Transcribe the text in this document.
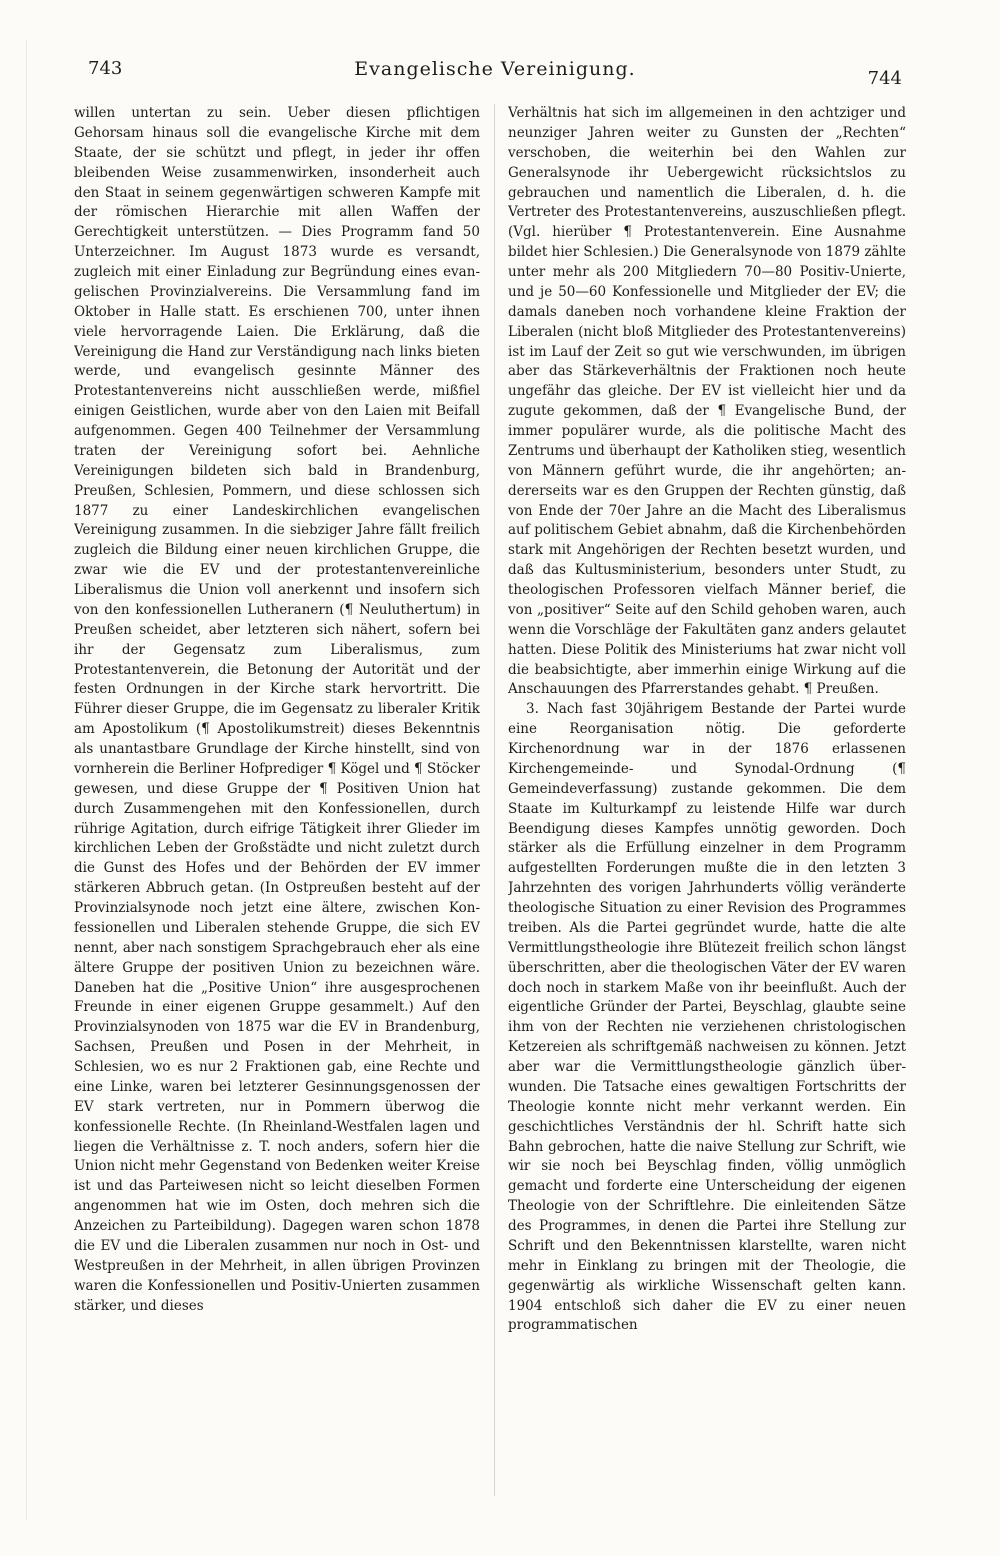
743	Evangelische Vereinigung.	744

willen untertan zu sein. Ueber diesen pflichtigen Gehorsam hinaus soll die evangelische Kirche mit dem Staate, der sie schützt und pflegt, in jeder ihr offen bleibenden Weise zusammenwirken, insonderheit auch den Staat in seinem gegenwärtigen schweren Kampfe mit der römischen Hierarchie mit allen Waffen der Gerechtigkeit unterstützen. — Dies Programm fand 50 Unterzeichner. Im August 1873 wurde es versandt, zugleich mit einer Einladung zur Begründung eines evangelischen Provinzialvereins. Die Versammlung fand im Oktober in Halle statt. Es erschienen 700, unter ihnen viele hervorragende Laien. Die Erklärung, daß die Vereinigung die Hand zur Verständigung nach links bieten werde, und evangelisch gesinnte Männer des Protestantenvereins nicht ausschließen werde, mißfiel einigen Geistlichen, wurde aber von den Laien mit Beifall aufgenommen. Gegen 400 Teilnehmer der Versammlung traten der Vereinigung sofort bei. Aehnliche Vereinigungen bildeten sich bald in Brandenburg, Preußen, Schlesien, Pommern, und diese schlossen sich 1877 zu einer Landeskirchlichen evangelischen Vereinigung zusammen. In die siebziger Jahre fällt freilich zugleich die Bildung einer neuen kirchlichen Gruppe, die zwar wie die EV und der protestantenvereinliche Liberalismus die Union voll anerkennt und insofern sich von den konfessionellen Lutheranern (¶ Neuluthertum) in Preußen scheidet, aber letzteren sich nähert, sofern bei ihr der Gegensatz zum Liberalismus, zum Protestantenverein, die Betonung der Autorität und der festen Ordnungen in der Kirche stark hervortritt. Die Führer dieser Gruppe, die im Gegensatz zu liberaler Kritik am Apostolikum (¶ Apostolikumstreit) dieses Bekenntnis als unantastbare Grundlage der Kirche hinstellt, sind von vornherein die Berliner Hofprediger ¶ Kögel und ¶ Stöcker gewesen, und diese Gruppe der ¶ Positiven Union hat durch Zusammengehen mit den Konfessionellen, durch rührige Agitation, durch eifrige Tätigkeit ihrer Glieder im kirchlichen Leben der Großstädte und nicht zuletzt durch die Gunst des Hofes und der Behörden der EV immer stärkeren Abbruch getan. (In Ostpreußen besteht auf der Provinzialsynode noch jetzt eine ältere, zwischen Konfessionellen und Liberalen stehende Gruppe, die sich EV nennt, aber nach sonstigem Sprachgebrauch eher als eine ältere Gruppe der positiven Union zu bezeichnen wäre. Daneben hat die „Positive Union“ ihre ausgesprochenen Freunde in einer eigenen Gruppe gesammelt.) Auf den Provinzialsynoden von 1875 war die EV in Brandenburg, Sachsen, Preußen und Posen in der Mehrheit, in Schlesien, wo es nur 2 Fraktionen gab, eine Rechte und eine Linke, waren bei letzterer Gesinnungsgenossen der EV stark vertreten, nur in Pommern überwog die konfessionelle Rechte. (In Rheinland-Westfalen lagen und liegen die Verhältnisse z. T. noch anders, sofern hier die Union nicht mehr Gegenstand von Bedenken weiter Kreise ist und das Parteiwesen nicht so leicht dieselben Formen angenommen hat wie im Osten, doch mehren sich die Anzeichen zu Parteibildung). Dagegen waren schon 1878 die EV und die Liberalen zusammen nur noch in Ost- und Westpreußen in der Mehrheit, in allen übrigen Provinzen waren die Konfessionellen und Positiv-Unierten zusammen stärker, und dieses

Verhältnis hat sich im allgemeinen in den achtziger und neunziger Jahren weiter zu Gunsten der „Rechten“ verschoben, die weiterhin bei den Wahlen zur Generalsynode ihr Uebergewicht rücksichtslos zu gebrauchen und namentlich die Liberalen, d. h. die Vertreter des Protestantenvereins, auszuschließen pflegt. (Vgl. hierüber ¶ Protestantenverein. Eine Ausnahme bildet hier Schlesien.) Die Generalsynode von 1879 zählte unter mehr als 200 Mitgliedern 70—80 Positiv-Unierte, und je 50—60 Konfessionelle und Mitglieder der EV; die damals daneben noch vorhandene kleine Fraktion der Liberalen (nicht bloß Mitglieder des Protestantenvereins) ist im Lauf der Zeit so gut wie verschwunden, im übrigen aber das Stärkeverhältnis der Fraktionen noch heute ungefähr das gleiche. Der EV ist vielleicht hier und da zugute gekommen, daß der ¶ Evangelische Bund, der immer populärer wurde, als die politische Macht des Zentrums und überhaupt der Katholiken stieg, wesentlich von Männern geführt wurde, die ihr angehörten; andererseits war es den Gruppen der Rechten günstig, daß von Ende der 70er Jahre an die Macht des Liberalismus auf politischem Gebiet abnahm, daß die Kirchenbehörden stark mit Angehörigen der Rechten besetzt wurden, und daß das Kultusministerium, besonders unter Studt, zu theologischen Professoren vielfach Männer berief, die von „positiver“ Seite auf den Schild gehoben waren, auch wenn die Vorschläge der Fakultäten ganz anders gelautet hatten. Diese Politik des Ministeriums hat zwar nicht voll die beabsichtigte, aber immerhin einige Wirkung auf die Anschauungen des Pfarrerstandes gehabt. ¶ Preußen.

3. Nach fast 30jährigem Bestande der Partei wurde eine Reorganisation nötig. Die geforderte Kirchenordnung war in der 1876 erlassenen Kirchengemeinde- und Synodal-Ordnung (¶ Gemeindeverfassung) zustande gekommen. Die dem Staate im Kulturkampf zu leistende Hilfe war durch Beendigung dieses Kampfes unnötig geworden. Doch stärker als die Erfüllung einzelner in dem Programm aufgestellten Forderungen mußte die in den letzten 3 Jahrzehnten des vorigen Jahrhunderts völlig veränderte theologische Situation zu einer Revision des Programmes treiben. Als die Partei gegründet wurde, hatte die alte Vermittlungstheologie ihre Blütezeit freilich schon längst überschritten, aber die theologischen Väter der EV waren doch noch in starkem Maße von ihr beeinflußt. Auch der eigentliche Gründer der Partei, Beyschlag, glaubte seine ihm von der Rechten nie verziehenen christologischen Ketzereien als schriftgemäß nachweisen zu können. Jetzt aber war die Vermittlungstheologie gänzlich überwunden. Die Tatsache eines gewaltigen Fortschritts der Theologie konnte nicht mehr verkannt werden. Ein geschichtliches Verständnis der hl. Schrift hatte sich Bahn gebrochen, hatte die naive Stellung zur Schrift, wie wir sie noch bei Beyschlag finden, völlig unmöglich gemacht und forderte eine Unterscheidung der eigenen Theologie von der Schriftlehre. Die einleitenden Sätze des Programmes, in denen die Partei ihre Stellung zur Schrift und den Bekenntnissen klarstellte, waren nicht mehr in Einklang zu bringen mit der Theologie, die gegenwärtig als wirkliche Wissenschaft gelten kann. 1904 entschloß sich daher die EV zu einer neuen programmatischen
